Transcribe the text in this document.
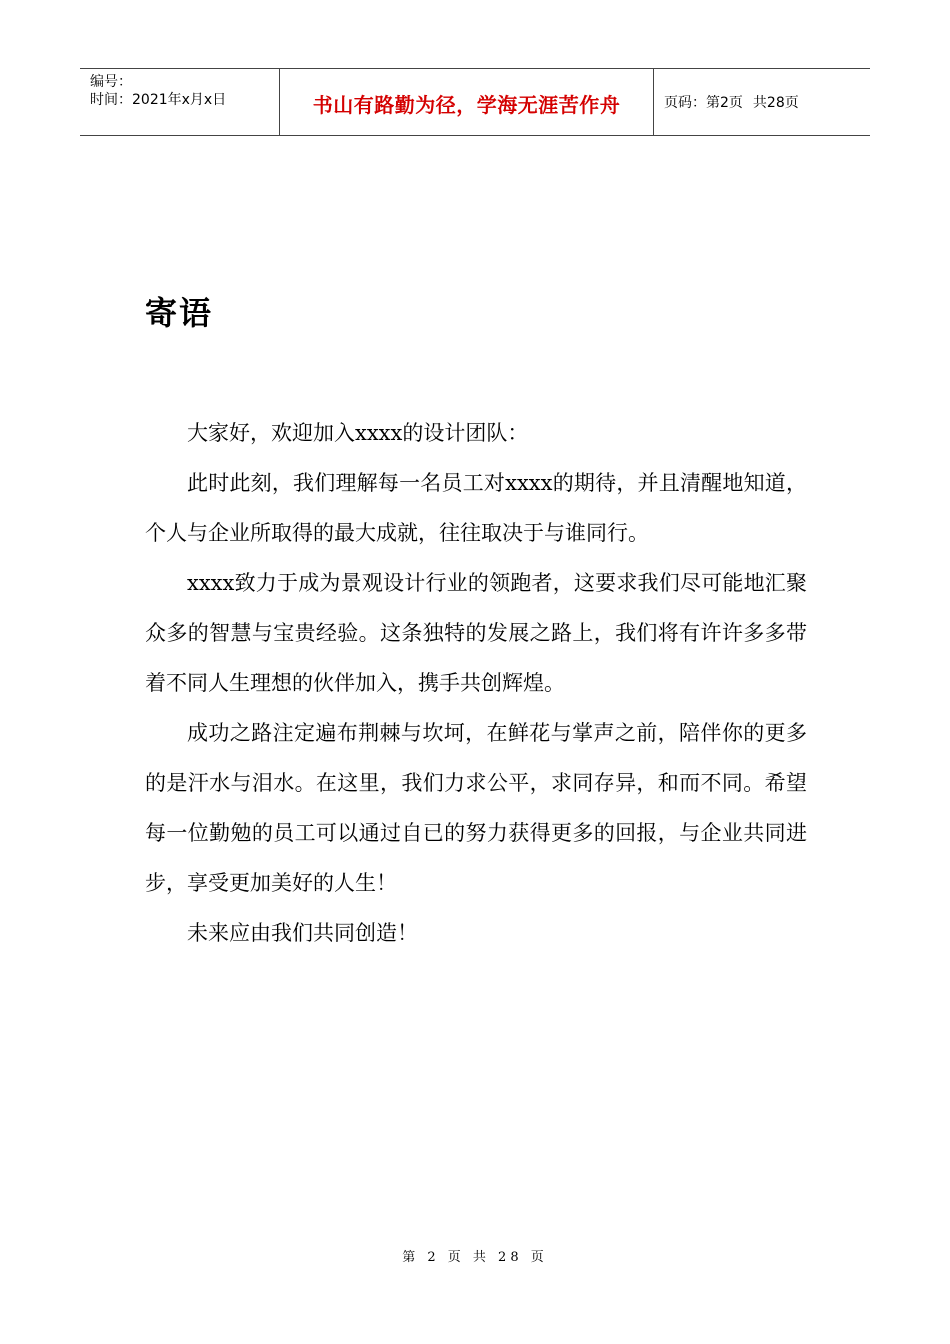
编号：
时间：2021年x月x日	书山有路勤为径，学海无涯苦作舟	页码：第2页 共28页
寄语

大家好，欢迎加入xxxx的设计团队：

此时此刻，我们理解每一名员工对xxxx的期待，并且清醒地知道，个人与企业所取得的最大成就，往往取决于与谁同行。

xxxx致力于成为景观设计行业的领跑者，这要求我们尽可能地汇聚众多的智慧与宝贵经验。这条独特的发展之路上，我们将有许许多多带着不同人生理想的伙伴加入，携手共创辉煌。

成功之路注定遍布荆棘与坎坷，在鲜花与掌声之前，陪伴你的更多的是汗水与泪水。在这里，我们力求公平，求同存异，和而不同。希望每一位勤勉的员工可以通过自已的努力获得更多的回报，与企业共同进步，享受更加美好的人生！

未来应由我们共同创造！

第 2 页 共 28 页
